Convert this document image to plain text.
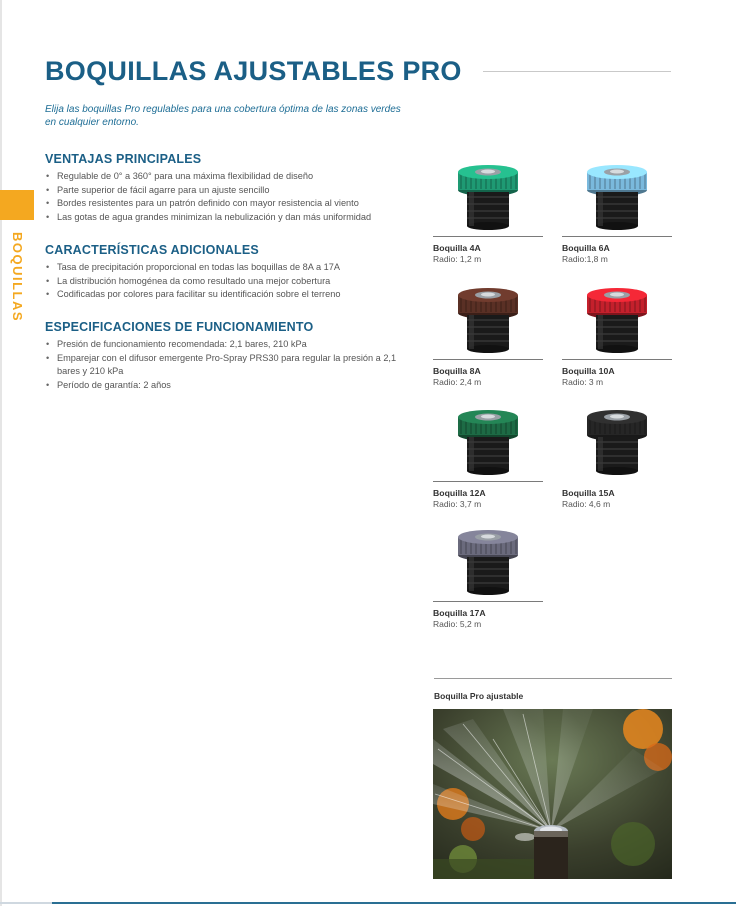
BOQUILLAS AJUSTABLES PRO
Elija las boquillas Pro regulables para una cobertura óptima de las zonas verdes en cualquier entorno.
BOQUILLAS
VENTAJAS PRINCIPALES
• Regulable de 0° a 360° para una máxima flexibilidad de diseño
• Parte superior de fácil agarre para un ajuste sencillo
• Bordes resistentes para un patrón definido con mayor resistencia al viento
• Las gotas de agua grandes minimizan la nebulización y dan más uniformidad
CARACTERÍSTICAS ADICIONALES
• Tasa de precipitación proporcional en todas las boquillas de 8A a 17A
• La distribución homogénea da como resultado una mejor cobertura
• Codificadas por colores para facilitar su identificación sobre el terreno
ESPECIFICACIONES DE FUNCIONAMIENTO
• Presión de funcionamiento recomendada: 2,1 bares, 210 kPa
• Emparejar con el difusor emergente Pro-Spray PRS30 para regular la presión a 2,1 bares y 210 kPa
• Período de garantía: 2 años
Boquilla 4A
Radio: 1,2 m
Boquilla 6A
Radio:1,8 m
Boquilla 8A
Radio: 2,4 m
Boquilla 10A
Radio: 3 m
Boquilla 12A
Radio: 3,7 m
Boquilla 15A
Radio: 4,6 m
Boquilla 17A
Radio: 5,2 m
Boquilla Pro ajustable
